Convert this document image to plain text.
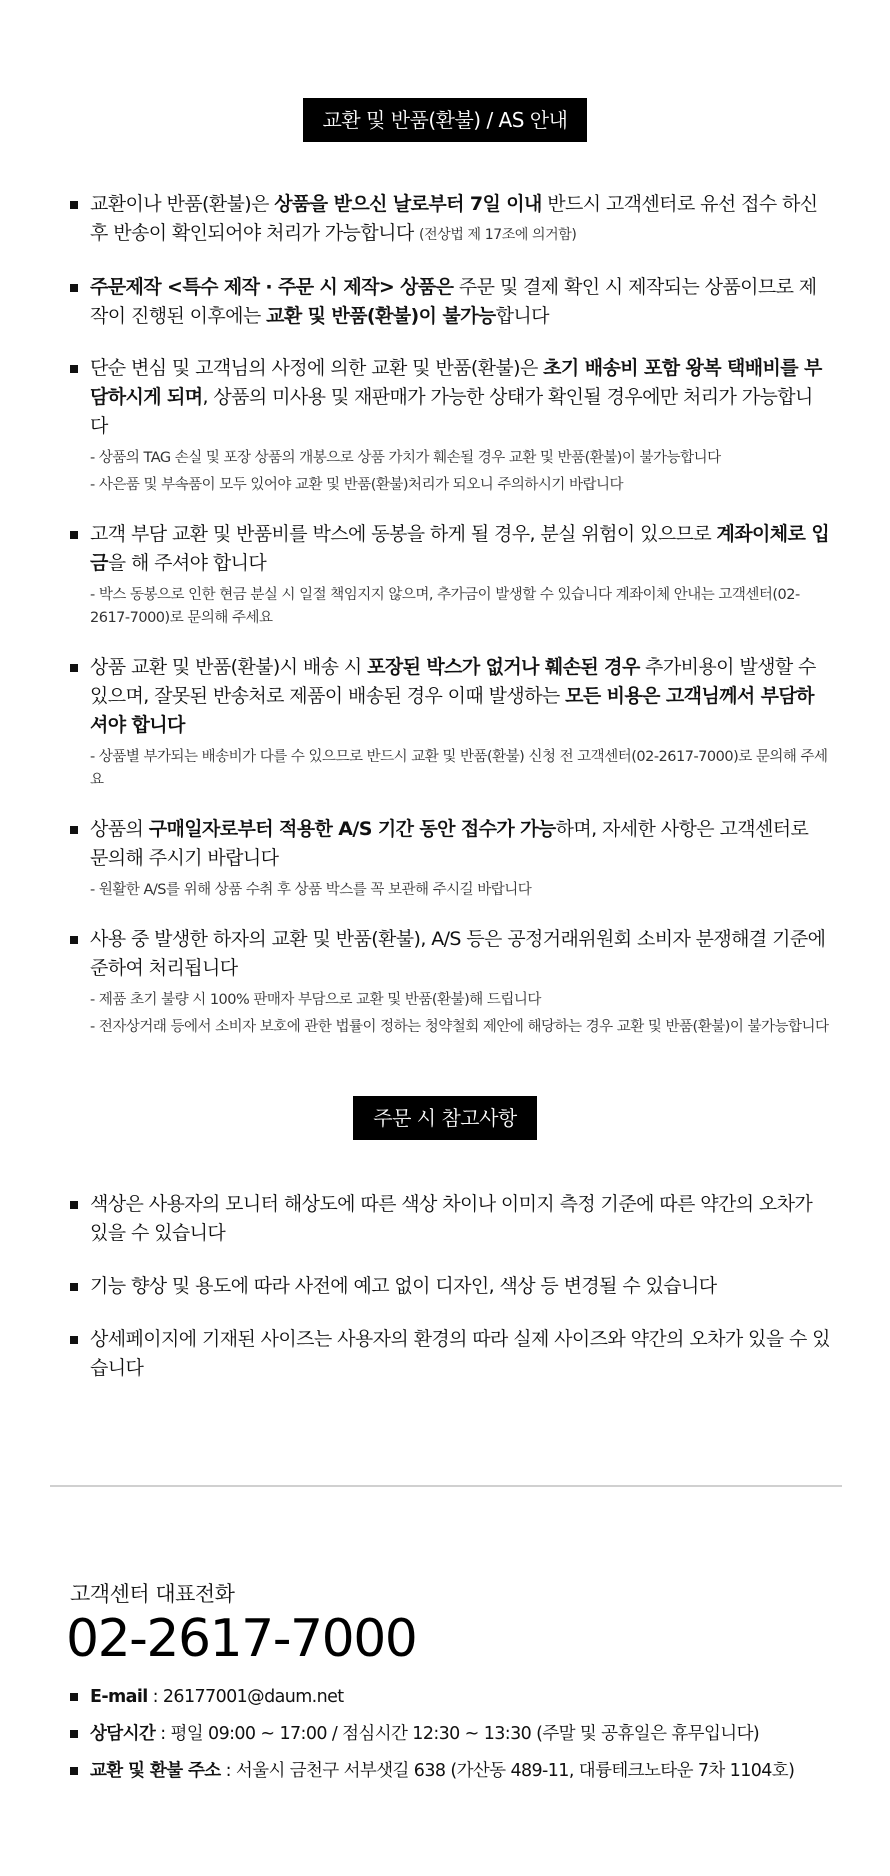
교환 및 반품(환불) / AS 안내
교환이나 반품(환불)은 상품을 받으신 날로부터 7일 이내 반드시 고객센터로 유선 접수 하신 후 반송이 확인되어야 처리가 가능합니다 (전상법 제 17조에 의거함)
주문제작 <특수 제작 · 주문 시 제작> 상품은 주문 및 결제 확인 시 제작되는 상품이므로 제작이 진행된 이후에는 교환 및 반품(환불)이 불가능합니다
단순 변심 및 고객님의 사정에 의한 교환 및 반품(환불)은 초기 배송비 포함 왕복 택배비를 부담하시게 되며, 상품의 미사용 및 재판매가 가능한 상태가 확인될 경우에만 처리가 가능합니다
- 상품의 TAG 손실 및 포장 상품의 개봉으로 상품 가치가 훼손될 경우 교환 및 반품(환불)이 불가능합니다
- 사은품 및 부속품이 모두 있어야 교환 및 반품(환불)처리가 되오니 주의하시기 바랍니다
고객 부담 교환 및 반품비를 박스에 동봉을 하게 될 경우, 분실 위험이 있으므로 계좌이체로 입금을 해 주셔야 합니다
- 박스 동봉으로 인한 현금 분실 시 일절 책임지지 않으며, 추가금이 발생할 수 있습니다 계좌이체 안내는 고객센터(02-2617-7000)로 문의해 주세요
상품 교환 및 반품(환불)시 배송 시 포장된 박스가 없거나 훼손된 경우 추가비용이 발생할 수 있으며, 잘못된 반송처로 제품이 배송된 경우 이때 발생하는 모든 비용은 고객님께서 부담하셔야 합니다
- 상품별 부가되는 배송비가 다를 수 있으므로 반드시 교환 및 반품(환불) 신청 전 고객센터(02-2617-7000)로 문의해 주세요
상품의 구매일자로부터 적용한 A/S 기간 동안 접수가 가능하며, 자세한 사항은 고객센터로 문의해 주시기 바랍니다
- 원활한 A/S를 위해 상품 수취 후 상품 박스를 꼭 보관해 주시길 바랍니다
사용 중 발생한 하자의 교환 및 반품(환불), A/S 등은 공정거래위원회 소비자 분쟁해결 기준에 준하여 처리됩니다
- 제품 초기 불량 시 100% 판매자 부담으로 교환 및 반품(환불)해 드립니다
- 전자상거래 등에서 소비자 보호에 관한 법률이 정하는 청약철회 제안에 해당하는 경우 교환 및 반품(환불)이 불가능합니다
주문 시 참고사항
색상은 사용자의 모니터 해상도에 따른 색상 차이나 이미지 측정 기준에 따른 약간의 오차가 있을 수 있습니다
기능 향상 및 용도에 따라 사전에 예고 없이 디자인, 색상 등 변경될 수 있습니다
상세페이지에 기재된 사이즈는 사용자의 환경의 따라 실제 사이즈와 약간의 오차가 있을 수 있습니다
고객센터 대표전화
02-2617-7000
E-mail : 26177001@daum.net
상담시간 : 평일 09:00 ~ 17:00 / 점심시간 12:30 ~ 13:30 (주말 및 공휴일은 휴무입니다)
교환 및 환불 주소 : 서울시 금천구 서부샛길 638 (가산동 489-11, 대륭테크노타운 7차 1104호)
